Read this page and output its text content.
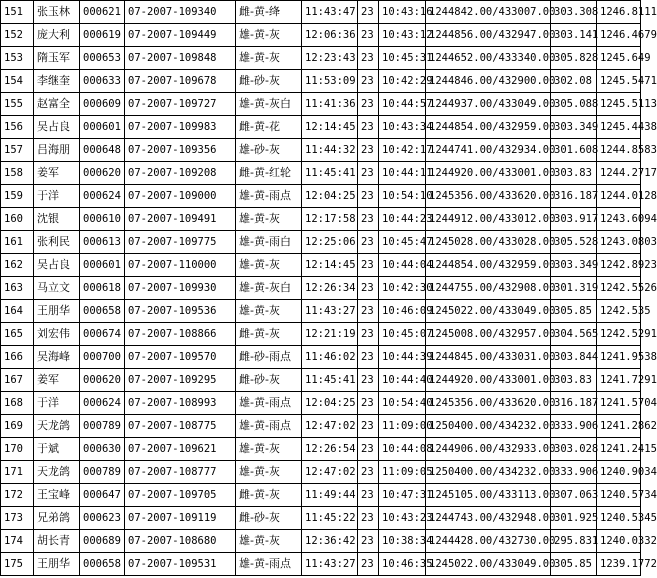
151	张玉林	000621	07-2007-109340	雌-黄-绛	11:43:47	23	10:43:16	1244842.00/433007.00	303.308	1246.8111
152	庞大利	000619	07-2007-109449	雄-黄-灰	12:06:36	23	10:43:12	1244856.00/432947.00	303.141	1246.4679
153	隋玉军	000653	07-2007-109848	雄-黄-灰	12:23:43	23	10:45:31	1244652.00/433340.00	305.828	1245.649
154	李继奎	000633	07-2007-109678	雌-砂-灰	11:53:09	23	10:42:29	1244846.00/432900.00	302.08	1245.5471
155	赵富全	000609	07-2007-109727	雄-黄-灰白	11:41:36	23	10:44:57	1244937.00/433049.00	305.088	1245.5113
156	吴占良	000601	07-2007-109983	雌-黄-花	12:14:45	23	10:43:34	1244854.00/432959.00	303.349	1245.4438
157	吕海朋	000648	07-2007-109356	雄-砂-灰	11:44:32	23	10:42:17	1244741.00/432934.00	301.608	1244.8583
158	姜军	000620	07-2007-109208	雌-黄-红轮	11:45:41	23	10:44:11	1244920.00/433001.00	303.83	1244.2717
159	于洋	000624	07-2007-109000	雄-黄-雨点	12:04:25	23	10:54:10	1245356.00/433620.00	316.187	1244.0128
160	沈银	000610	07-2007-109491	雄-黄-灰	12:17:58	23	10:44:23	1244912.00/433012.00	303.917	1243.6094
161	张利民	000613	07-2007-109775	雄-黄-雨白	12:25:06	23	10:45:47	1245028.00/433028.00	305.528	1243.0803
162	吴占良	000601	07-2007-110000	雄-黄-灰	12:14:45	23	10:44:04	1244854.00/432959.00	303.349	1242.8923
163	马立文	000618	07-2007-109930	雄-黄-灰白	12:26:34	23	10:42:30	1244755.00/432908.00	301.319	1242.5526
164	王朋华	000658	07-2007-109536	雄-黄-灰	11:43:27	23	10:46:09	1245022.00/433049.00	305.85	1242.535
165	刘宏伟	000674	07-2007-108866	雌-黄-灰	12:21:19	23	10:45:07	1245008.00/432957.00	304.565	1242.5291
166	吴海峰	000700	07-2007-109570	雌-砂-雨点	11:46:02	23	10:44:39	1244845.00/433031.00	303.844	1241.9538
167	姜军	000620	07-2007-109295	雌-砂-灰	11:45:41	23	10:44:40	1244920.00/433001.00	303.83	1241.7291
168	于洋	000624	07-2007-108993	雄-黄-雨点	12:04:25	23	10:54:40	1245356.00/433620.00	316.187	1241.5704
169	天龙鸽	000789	07-2007-108775	雄-黄-雨点	12:47:02	23	11:09:00	1250400.00/434232.00	333.906	1241.2862
170	于斌	000630	07-2007-109621	雄-黄-灰	12:26:54	23	10:44:08	1244906.00/432933.00	303.028	1241.2415
171	天龙鸽	000789	07-2007-108777	雄-黄-灰	12:47:02	23	11:09:05	1250400.00/434232.00	333.906	1240.9034
172	王宝峰	000647	07-2007-109705	雌-黄-灰	11:49:44	23	10:47:31	1245105.00/433113.00	307.063	1240.5734
173	兄弟鸽	000623	07-2007-109119	雌-砂-灰	11:45:22	23	10:43:23	1244743.00/432948.00	301.925	1240.5345
174	胡长青	000689	07-2007-108680	雄-黄-灰	12:36:42	23	10:38:34	1244428.00/432730.00	295.831	1240.0332
175	王朋华	000658	07-2007-109531	雄-黄-雨点	11:43:27	23	10:46:35	1245022.00/433049.00	305.85	1239.1772
